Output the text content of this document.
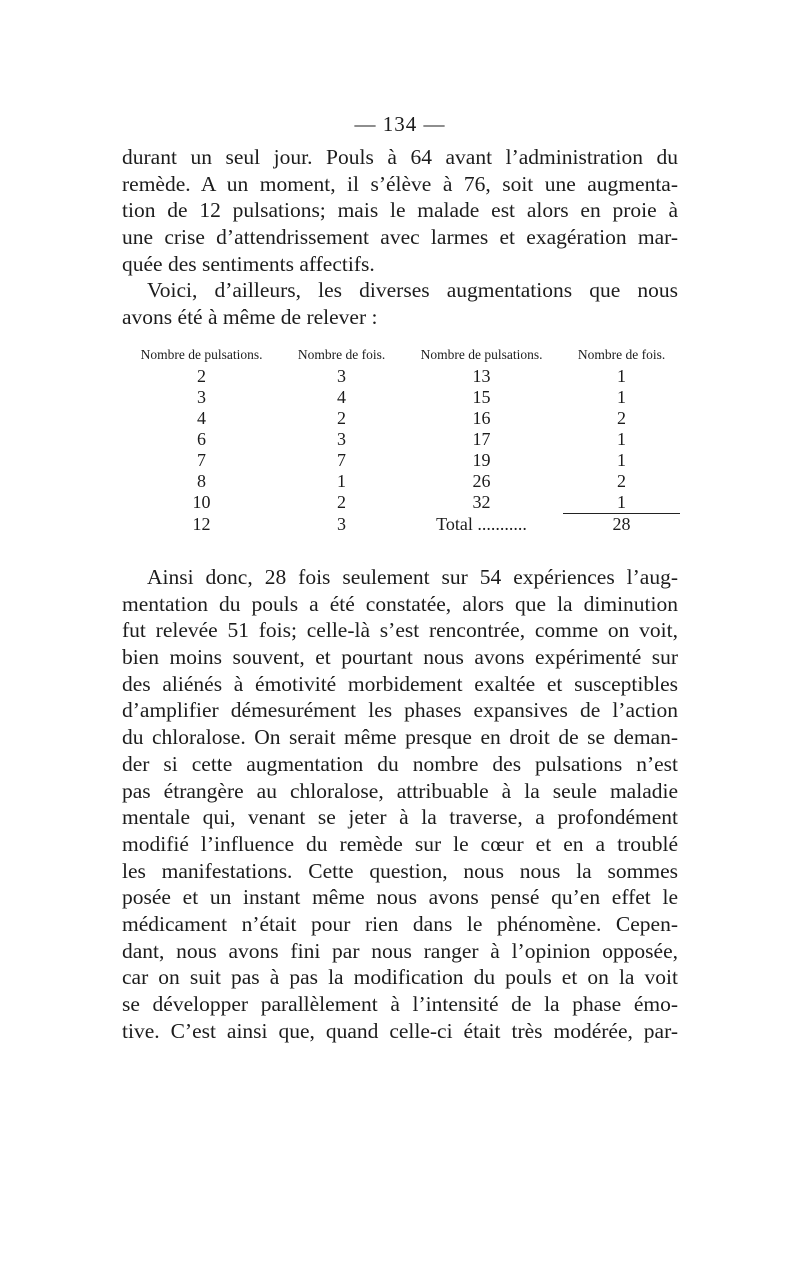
— 134 —
durant un seul jour. Pouls à 64 avant l’administration du
remède. A un moment, il s’élève à 76, soit une augmenta-
tion de 12 pulsations; mais le malade est alors en proie à
une crise d’attendrissement avec larmes et exagération mar-
quée des sentiments affectifs.
Voici, d’ailleurs, les diverses augmentations que nous
avons été à même de relever :
Nombre de pulsations.	Nombre de fois.	Nombre de pulsations.	Nombre de fois.
2	3	13	1
3	4	15	1
4	2	16	2
6	3	17	1
7	7	19	1
8	1	26	2
10	2	32	1
12	3	Total ...........	28
Ainsi donc, 28 fois seulement sur 54 expériences l’aug-
mentation du pouls a été constatée, alors que la diminution
fut relevée 51 fois; celle-là s’est rencontrée, comme on voit,
bien moins souvent, et pourtant nous avons expérimenté sur
des aliénés à émotivité morbidement exaltée et susceptibles
d’amplifier démesurément les phases expansives de l’action
du chloralose. On serait même presque en droit de se deman-
der si cette augmentation du nombre des pulsations n’est
pas étrangère au chloralose, attribuable à la seule maladie
mentale qui, venant se jeter à la traverse, a profondément
modifié l’influence du remède sur le cœur et en a troublé
les manifestations. Cette question, nous nous la sommes
posée et un instant même nous avons pensé qu’en effet le
médicament n’était pour rien dans le phénomène. Cepen-
dant, nous avons fini par nous ranger à l’opinion opposée,
car on suit pas à pas la modification du pouls et on la voit
se développer parallèlement à l’intensité de la phase émo-
tive. C’est ainsi que, quand celle-ci était très modérée, par-
